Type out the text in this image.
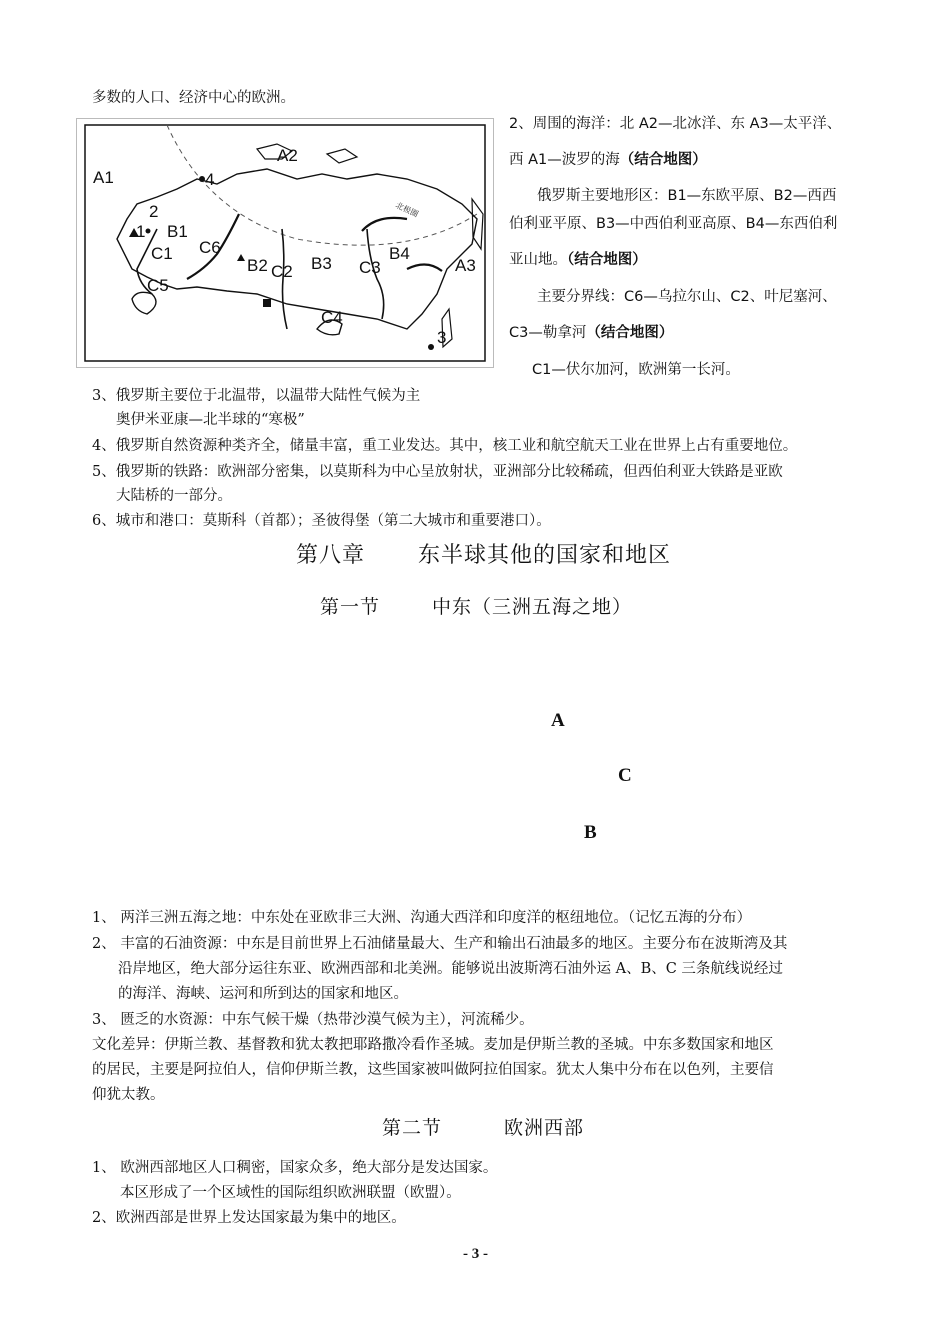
多数的人口、经济中心的欧洲。
A2
A1	4
2
1 B1
C6
C1
B2 C2 B3 C3
B4
A3
C5
C4
3
北极圈
2、周围的海洋：北 A2—北冰洋、东 A3—太平洋、
西 A1—波罗的海（结合地图）
俄罗斯主要地形区：B1—东欧平原、B2—西西
伯利亚平原、B3—中西伯利亚高原、B4—东西伯利
亚山地。（结合地图）
主要分界线：C6—乌拉尔山、C2、叶尼塞河、
C3—勒拿河（结合地图）
C1—伏尔加河，欧洲第一长河。
3、俄罗斯主要位于北温带，以温带大陆性气候为主
奥伊米亚康—北半球的“寒极”
4、俄罗斯自然资源种类齐全，储量丰富，重工业发达。其中，核工业和航空航天工业在世界上占有重要地位。
5、俄罗斯的铁路：欧洲部分密集，以莫斯科为中心呈放射状，亚洲部分比较稀疏，但西伯利亚大铁路是亚欧
大陆桥的一部分。
6、城市和港口：莫斯科（首都）；圣彼得堡（第二大城市和重要港口）。
第八章 东半球其他的国家和地区
第一节	中东（三洲五海之地）
A
C
B
1、 两洋三洲五海之地：中东处在亚欧非三大洲、沟通大西洋和印度洋的枢纽地位。（记忆五海的分布）
2、 丰富的石油资源：中东是目前世界上石油储量最大、生产和输出石油最多的地区。主要分布在波斯湾及其
沿岸地区，绝大部分运往东亚、欧洲西部和北美洲。能够说出波斯湾石油外运 A、B、C 三条航线说经过
的海洋、海峡、运河和所到达的国家和地区。
3、 匮乏的水资源：中东气候干燥（热带沙漠气候为主），河流稀少。
文化差异：伊斯兰教、基督教和犹太教把耶路撒冷看作圣城。麦加是伊斯兰教的圣城。中东多数国家和地区
的居民，主要是阿拉伯人，信仰伊斯兰教，这些国家被叫做阿拉伯国家。犹太人集中分布在以色列，主要信
仰犹太教。
第二节	欧洲西部
1、 欧洲西部地区人口稠密，国家众多，绝大部分是发达国家。
本区形成了一个区域性的国际组织欧洲联盟（欧盟）。
2、欧洲西部是世界上发达国家最为集中的地区。
- 3 -
